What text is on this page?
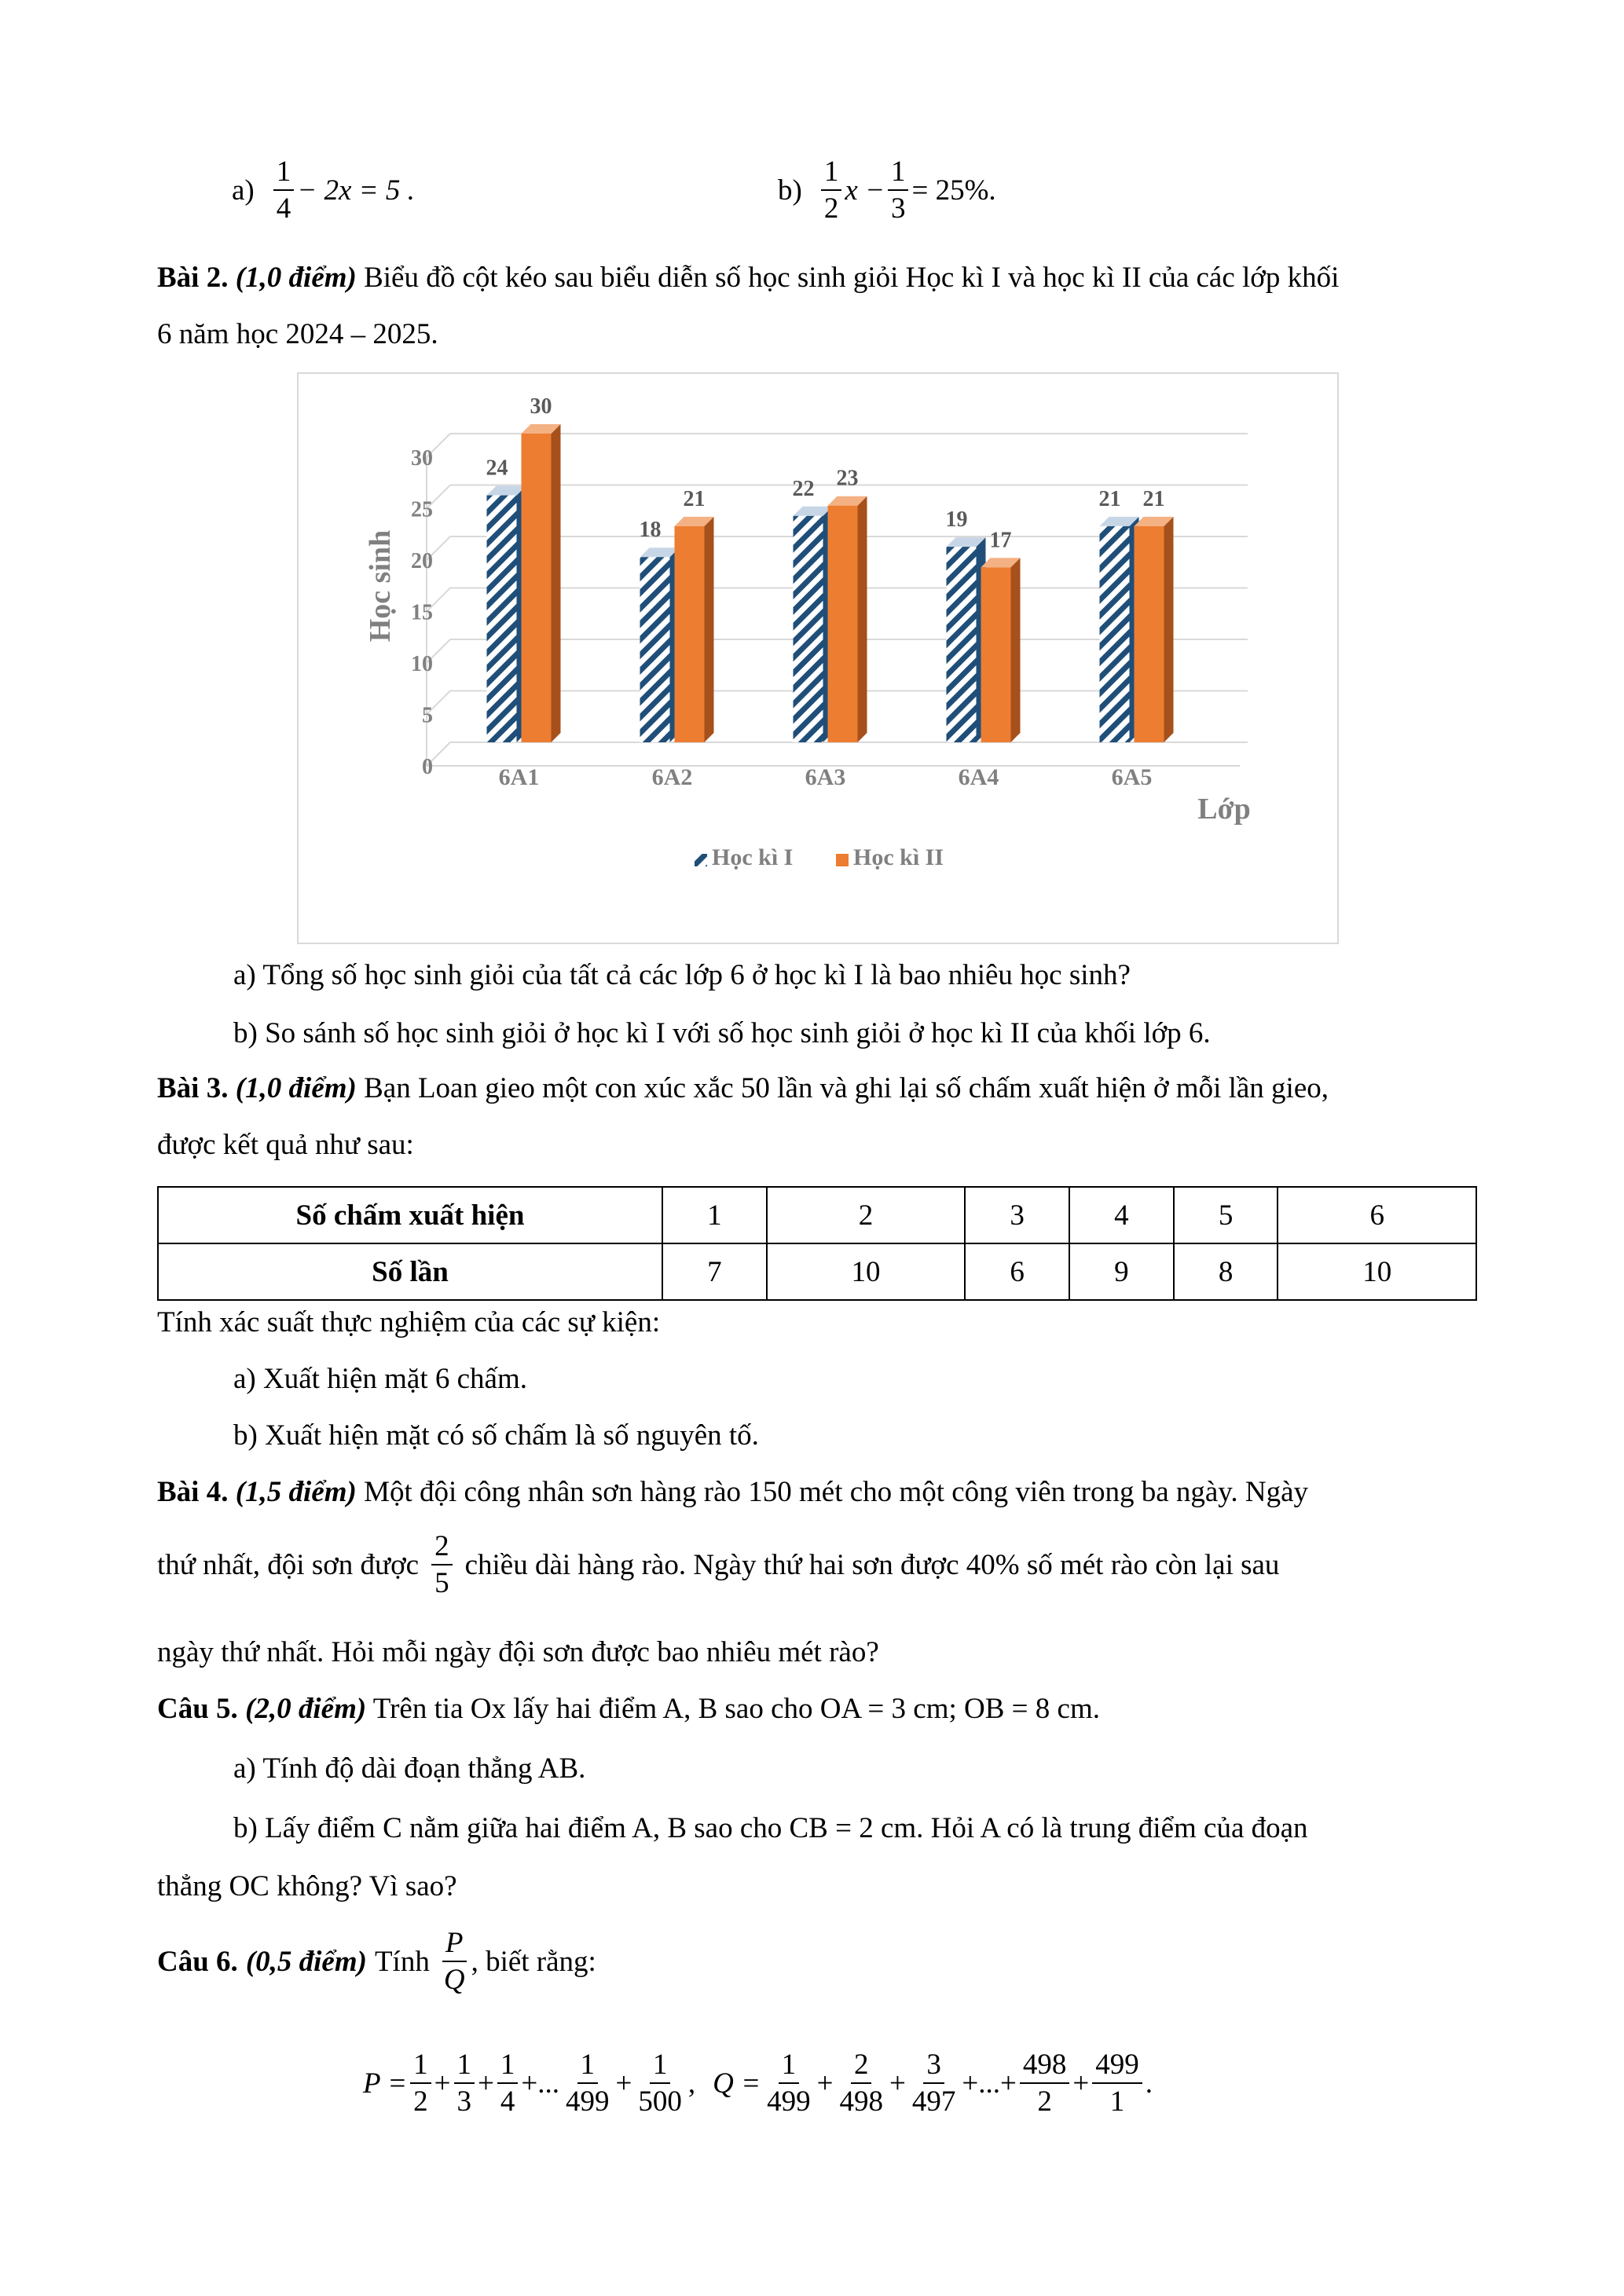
$a) \frac{1}{4} - 2x = 5$ .	$b) \frac{1}{2}$ $x - \frac{1}{3} = 25\%$.
Bài 2. (1,0 điểm) Biểu đồ cột kéo sau biểu diễn số học sinh giỏi Học kì I và học kì II của các lớp khối
6 năm học 2024 – 2025.
0
5
10
15
20
25
30 24
30
18
21	22 23
19
17
21 21
6A1	6A2	6A3	6A4	6A5
Học sinh
Lớp
Học kì I	Học kì II
a) Tổng số học sinh giỏi của tất cả các lớp 6 ở học kì I là bao nhiêu học sinh?
b) So sánh số học sinh giỏi ở học kì I với số học sinh giỏi ở học kì II của khối lớp 6.
Bài 3. (1,0 điểm) Bạn Loan gieo một con xúc xắc 50 lần và ghi lại số chấm xuất hiện ở mỗi lần gieo,
được kết quả như sau:
Số chấm xuất hiện	1	2	3	4	5	6
Số lần	7	10	6	9	8	10
Tính xác suất thực nghiệm của các sự kiện:
a) Xuất hiện mặt 6 chấm.
b) Xuất hiện mặt có số chấm là số nguyên tố.
Bài 4. (1,5 điểm) Một đội công nhân sơn hàng rào 150 mét cho một công viên trong ba ngày. Ngày
thứ nhất, đội sơn được $\frac{2}{5}$ chiều dài hàng rào. Ngày thứ hai sơn được 40% số mét rào còn lại sau
ngày thứ nhất. Hỏi mỗi ngày đội sơn được bao nhiêu mét rào?
Câu 5. (2,0 điểm) Trên tia Ox lấy hai điểm A, B sao cho OA = 3 cm; OB = 8 cm.
a) Tính độ dài đoạn thẳng AB.
b) Lấy điểm C nằm giữa hai điểm A, B sao cho CB = 2 cm. Hỏi A có là trung điểm của đoạn
thẳng OC không? Vì sao?
Câu 6. (0,5 điểm) Tính $\frac{P}{Q}$ , biết rằng:
$P = \frac{1}{2} + \frac{1}{3} + \frac{1}{4}$ +... $\frac{1}{499} + \frac{1}{500}$ , $Q = \frac{1}{499} + \frac{2}{498} + \frac{3}{497}$ +... + $\frac{498}{2} + \frac{499}{1}$ .
